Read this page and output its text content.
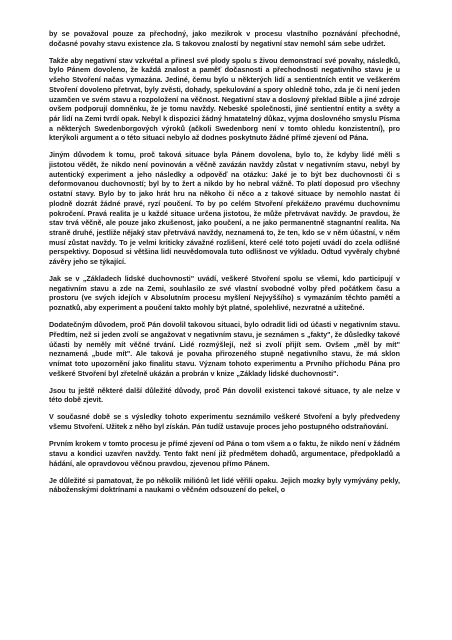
by se považoval pouze za přechodný, jako mezikrok v procesu vlastního poznávání přechodné, dočasné povahy stavu existence zla. S takovou znalostí by negativní stav nemohl sám sebe udržet.

Takže aby negativní stav vzkvétal a přinesl své plody spolu s živou demonstrací své povahy, následků, bylo Pánem dovoleno, že každá znalost a paměť dočasnosti a přechodnosti negativního stavu je u všeho Stvoření načas vymazána. Jediné, čemu bylo u některých lidí a sentientních entit ve veškerém Stvoření dovoleno přetrvat, byly zvěsti, dohady, spekulování a spory ohledně toho, zda je či není jeden uzamčen ve svém stavu a rozpoložení na věčnost. Negativní stav a doslovný překlad Bible a jiné zdroje ovšem podporují domněnku, že je tomu navždy. Nebeské společnosti, jiné sentientní entity a světy a pár lidí na Zemi tvrdí opak. Nebyl k dispozici žádný hmatatelný důkaz, vyjma doslovného smyslu Písma a některých Swedenborgových výroků (ačkoli Swedenborg není v tomto ohledu konzistentní), pro kterýkoli argument a o této situaci nebylo až dodnes poskytnuto žádné přímé zjevení od Pána.

Jiným důvodem k tomu, proč taková situace byla Pánem dovolena, bylo to, že kdyby lidé měli s jistotou vědět, že nikdo není povinován a věčně zavázán navždy zůstat v negativním stavu, nebyl by autentický experiment a jeho následky a odpověď na otázku: Jaké je to být bez duchovnosti či s deformovanou duchovností; byl by to žert a nikdo by ho nebral vážně. To platí doposud pro všechny ostatní stavy. Bylo by to jako hrát hru na někoho či něco a z takové situace by nemohlo nastat či plodně dozrát žádné pravé, ryzí poučení. To by po celém Stvoření překážело pravému duchovnímu pokročení. Pravá realita je u každé situace určena jistotou, že může přetrvávat navždy. Je pravdou, že stav trvá věčně, ale pouze jako zkušenost, jako poučení, a ne jako permanentně stagnantní realita. Na straně druhé, jestliže nějaký stav přetrvává navždy, neznamená to, že ten, kdo se v něm účastní, v něm musí zůstat navždy. To je velmi kriticky závažné rozlišení, které celé toto pojetí uvádí do zcela odlišné perspektivy. Doposud si většina lidí neuvědomovala tuto odlišnost ve výkladu. Odtud vyvěraly chybné závěry jeho se týkající.

Jak se v „Základech lidské duchovnosti" uvádí, veškeré Stvoření spolu se všemi, kdo participují v negativním stavu a zde na Zemi, souhlasilo ze své vlastní svobodné volby před počátkem času a prostoru (ve svých idejích v Absolutním procesu myšlení Nejvyššího) s vymazáním těchto pamětí a poznatků, aby experiment a poučení takto mohly být platné, spolehlivé, nezvratné a užitečné.

Dodatečným důvodem, proč Pán dovolil takovou situaci, bylo odradit lidi od účasti v negativním stavu. Předtím, než si jeden zvolí se angažovat v negativním stavu, je seznámen s „fakty", že důsledky takové účasti by neměly mít věčné trvání. Lidé rozmýšlejí, než si zvolí přijít sem. Ovšem „měl by mít" neznamená „bude mít". Ale taková je povaha přirozeného stupně negativního stavu, že má sklon vnímat toto upozornění jako finalitu stavu. Význam tohoto experimentu a Prvního příchodu Pána pro veškeré Stvoření byl zřetelně ukázán a probrán v knize „Základy lidské duchovnosti".

Jsou tu ještě některé další důležité důvody, proč Pán dovolil existenci takové situace, ty ale nelze v této době zjevit.

V současné době se s výsledky tohoto experimentu seznámilo veškeré Stvoření a byly předvedeny všemu Stvoření. Užitek z něho byl získán. Pán tudíž ustavuje proces jeho postupného odstraňování.

Prvním krokem v tomto procesu je přímé zjevení od Pána o tom všem a o faktu, že nikdo není v žádném stavu a kondici uzavřen navždy. Tento fakt není již předmětem dohadů, argumentace, předpokladů a hádání, ale opravdovou věčnou pravdou, zjevenou přímo Pánem.

Je důležité si pamatovat, že po několik miliónů let lidé věřili opaku. Jejich mozky byly vymývány pekly, náboženskými doktrínami a naukami o věčném odsouzení do pekel, o
